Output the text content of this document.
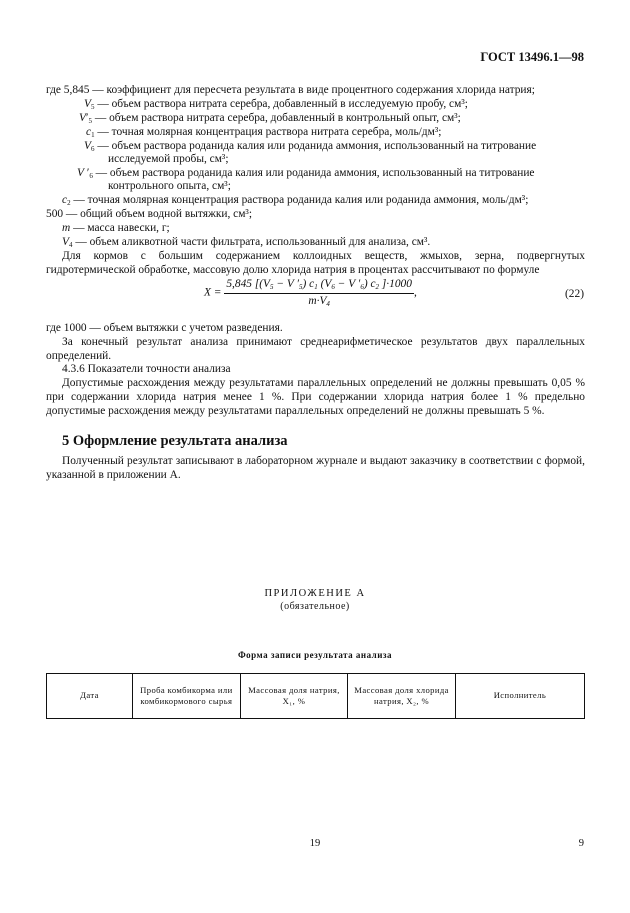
ГОСТ 13496.1—98
где 5,845 — коэффициент для пересчета результата в виде процентного содержания хлорида натрия;
$V_5$ — объем раствора нитрата серебра, добавленный в исследуемую пробу, см³;
$V'_5$ — объем раствора нитрата серебра, добавленный в контрольный опыт, см³;
$c_1$ — точная молярная концентрация раствора нитрата серебра, моль/дм³;
$V_6$ — объем раствора роданида калия или роданида аммония, использованный на титрование
исследуемой пробы, см³;
V $'_6$ — объем раствора роданида калия или роданида аммония, использованный на титрование
контрольного опыта, см³;
$c_2$ — точная молярная концентрация раствора роданида калия или роданида аммония, моль/дм³;
500 — общий объем водной вытяжки, см³;
m — масса навески, г;
$V_4$ — объем аликвотной части фильтрата, использованный для анализа, см³.
Для кормов с большим содержанием коллоидных веществ, жмыхов, зерна, подвергнутых гидротермической обработке, массовую долю хлорида натрия в процентах рассчитывают по формуле
$X = \frac{5,845 [(V_5 - V '_5) c_1 (V_6 - V '_6) c_2 ]\cdot 1000}{m\cdot V_4}$ ,	(22)
где 1000 — объем вытяжки с учетом разведения.
За конечный результат анализа принимают среднеарифметическое результатов двух параллельных определений.
4.3.6 Показатели точности анализа
Допустимые расхождения между результатами параллельных определений не должны превышать 0,05 % при содержании хлорида натрия менее 1 %. При содержании хлорида натрия более 1 % предельно допустимые расхождения между результатами параллельных определений не должны превышать 5 %.
5 Оформление результата анализа
Полученный результат записывают в лабораторном журнале и выдают заказчику в соответствии с формой, указанной в приложении А.
ПРИЛОЖЕНИЕ А
(обязательное)
Форма записи результата анализа
Дата	Проба комбикорма или комбикормового сырья	Массовая доля натрия, X₁, %	Массовая доля хлорида натрия, X₂, %	Исполнитель
19	9
